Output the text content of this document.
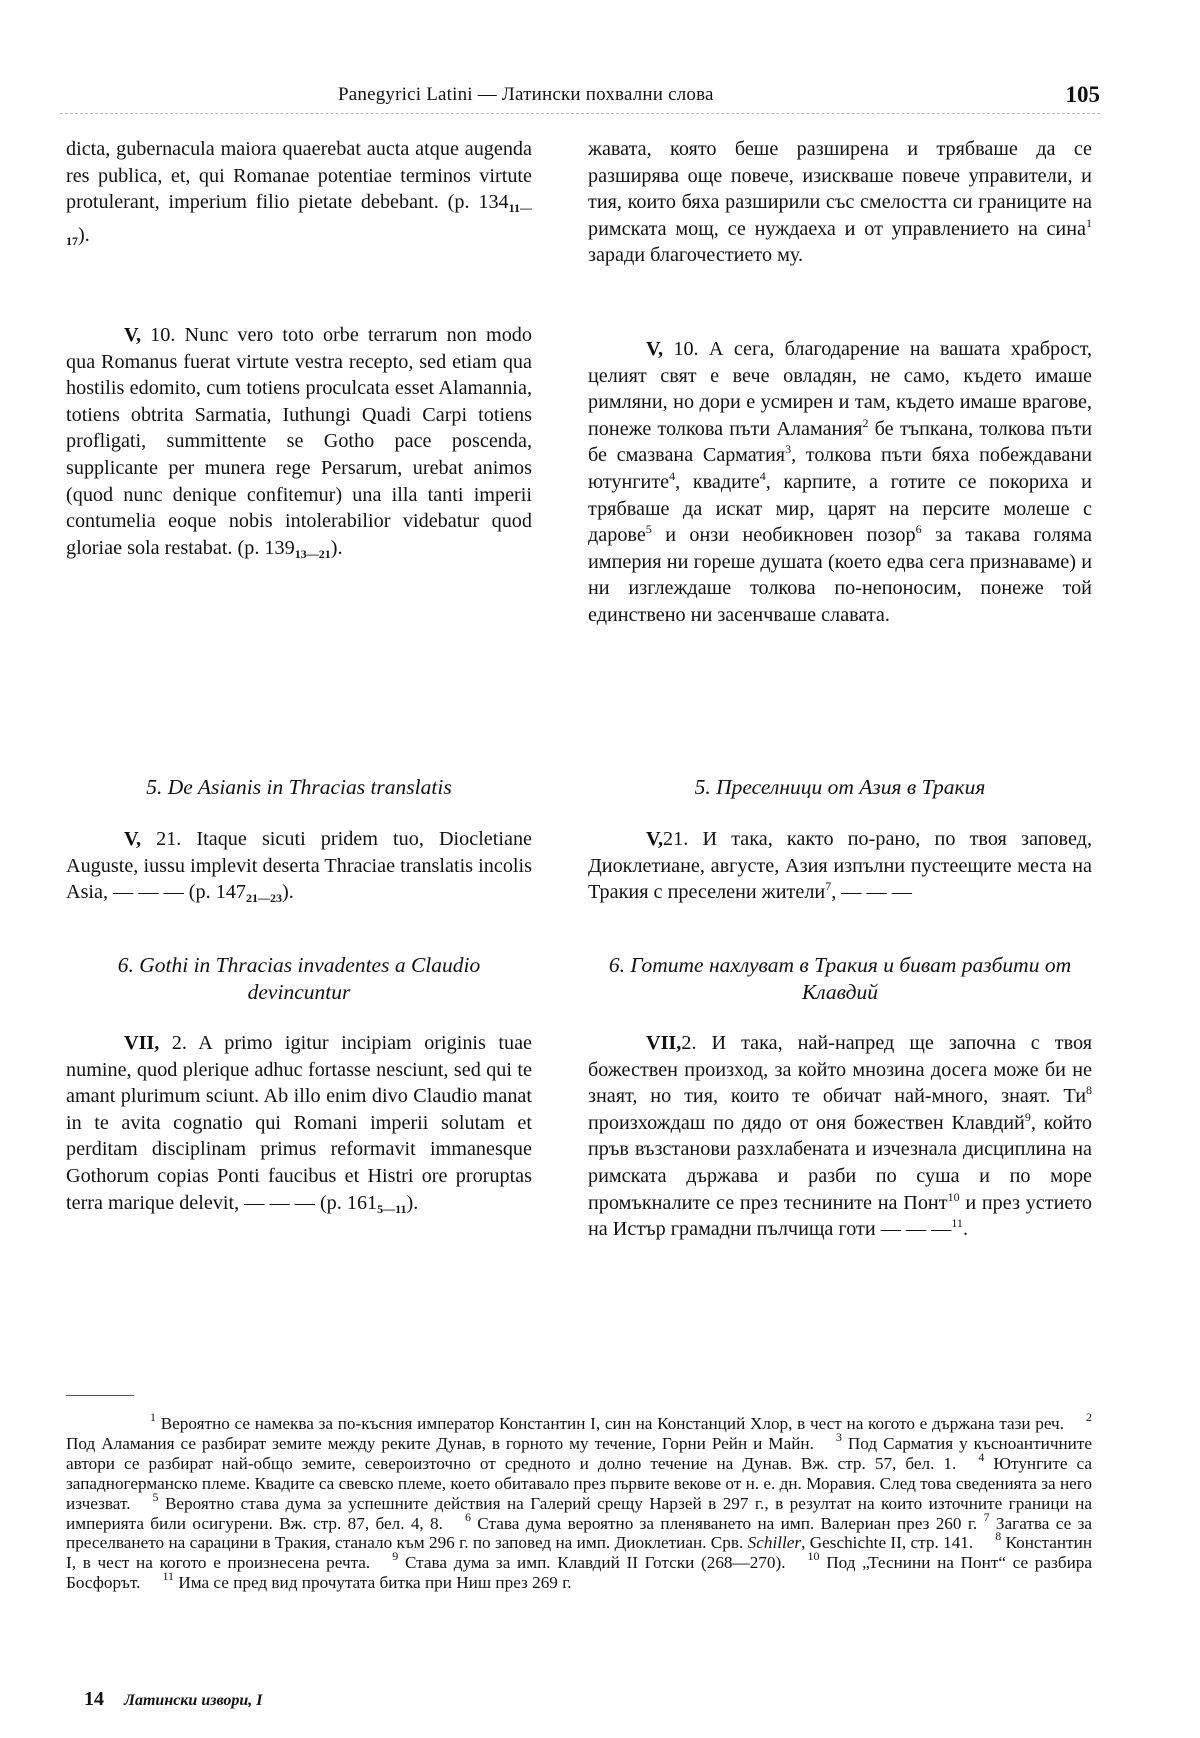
Panegyrici Latini — Латински похвални слова	105

dicta, gubernacula maiora quaerebat aucta atque augenda res publica, et, qui Romanae potentiae terminos virtute protulerant, imperium filio pietate debebant. (p. $134_{11—17}$).

V, 10. Nunc vero toto orbe terrarum non modo qua Romanus fuerat virtute vestra recepto, sed etiam qua hostilis edomito, cum totiens proculcata esset Alamannia, totiens obtrita Sarmatia, Iuthungi Quadi Carpi totiens profligati, summittente se Gotho pace poscenda, supplicante per munera rege Persarum, urebat animos (quod nunc denique confitemur) una illa tanti imperii contumelia eoque nobis intolerabilior videbatur quod gloriae sola restabat. (p. $139_{13—21}$).

5. De Asianis in Thracias translatis

V, 21. Itaque sicuti pridem tuo, Diocletiane Auguste, iussu implevit deserta Thraciae translatis incolis Asia, — — — (p. $147_{21—23}$).

6. Gothi in Thracias invadentes a Claudio devincuntur

VII, 2. A primo igitur incipiam originis tuae numine, quod plerique adhuc fortasse nesciunt, sed qui te amant plurimum sciunt. Ab illo enim divo Claudio manat in te avita cognatio qui Romani imperii solutam et perditam disciplinam primus reformavit immanesque Gothorum copias Ponti faucibus et Histri ore proruptas terra marique delevit, — — — (p. $161_{5—11}$).

жавата, която беше разширена и трябваше да се разширява още повече, изискваше повече управители, и тия, които бяха разширили със смелостта си границите на римската мощ, се нуждаеха и от управлението на сина$^1$ заради благочестието му.

V, 10. А сега, благодарение на вашата храброст, целият свят е вече овладян, не само, където имаше римляни, но дори е усмирен и там, където имаше врагове, понеже толкова пъти Аламания$^2$ бе тъпкана, толкова пъти бе смазвана Сарматия$^3$, толкова пъти бяха побеждавани ютунгите$^4$, квадите$^4$, карпите, а готите се покориха и трябваше да искат мир, царят на персите молеше с дарове$^5$ и онзи необикновен позор$^6$ за такава голяма империя ни гореше душата (което едва сега признаваме) и ни изглеждаше толкова по-непоносим, понеже той единствено ни засенчваше славата.

5. Преселници от Азия в Тракия

V,21. И така, както по-рано, по твоя заповед, Диоклетиане, августе, Азия изпълни пустеещите места на Тракия с преселени жители$^7$, — — —

6. Готите нахлуват в Тракия и биват разбити от Клавдий

VII,2. И така, най-напред ще започна с твоя божествен произход, за който мнозина досега може би не знаят, но тия, които те обичат най-много, знаят. $Ти^8$ произхождаш по дядо от оня божествен Клавдий$^9$, който пръв възстанови разхлабената и изчезнала дисциплина на римската държава и разби по суша и по море промъкналите се през теснините на Понт$^{10}$ и през устието на Истър грамадни пълчища готи — — —$^{11}$.

$^1$ Вероятно се намеква за по-късния император Константин I, син на Констанций Хлор, в чест на когото е държана тази реч. $^2$ Под Аламания се разбират земите между реките Дунав, в горното му течение, Горни Рейн и Майн. $^3$ Под Сарматия у късноантичните автори се разбират най-общо земите, североизточно от средното и долно течение на Дунав. Вж. стр. 57, бел. 1. $^4$ Ютунгите са западногерманско племе. Квадите са свевско племе, което обитавало през първите векове от н. е. дн. Моравия. След това сведенията за него изчезват. $^5$ Вероятно става дума за успешните действия на Галерий срещу Нарзей в 297 г., в резултат на които източните граници на империята били осигурени. Вж. стр. 87, бел. 4, 8. $^6$ Става дума вероятно за пленяването на имп. Валериан през 260 г. $^7$ Загатва се за преселването на сарацини в Тракия, станало към 296 г. по заповед на имп. Диоклетиан. Срв. Schiller, Geschichte II, стр. 141. $^8$ Константин I, в чест на когото е произнесена речта. $^9$ Става дума за имп. Клавдий II Готски (268—270). $^{10}$ Под „Теснини на Понт“ се разбира Босфорът. $^{11}$ Има се пред вид прочутата битка при Ниш през 269 г.

14 Латински извори, I
